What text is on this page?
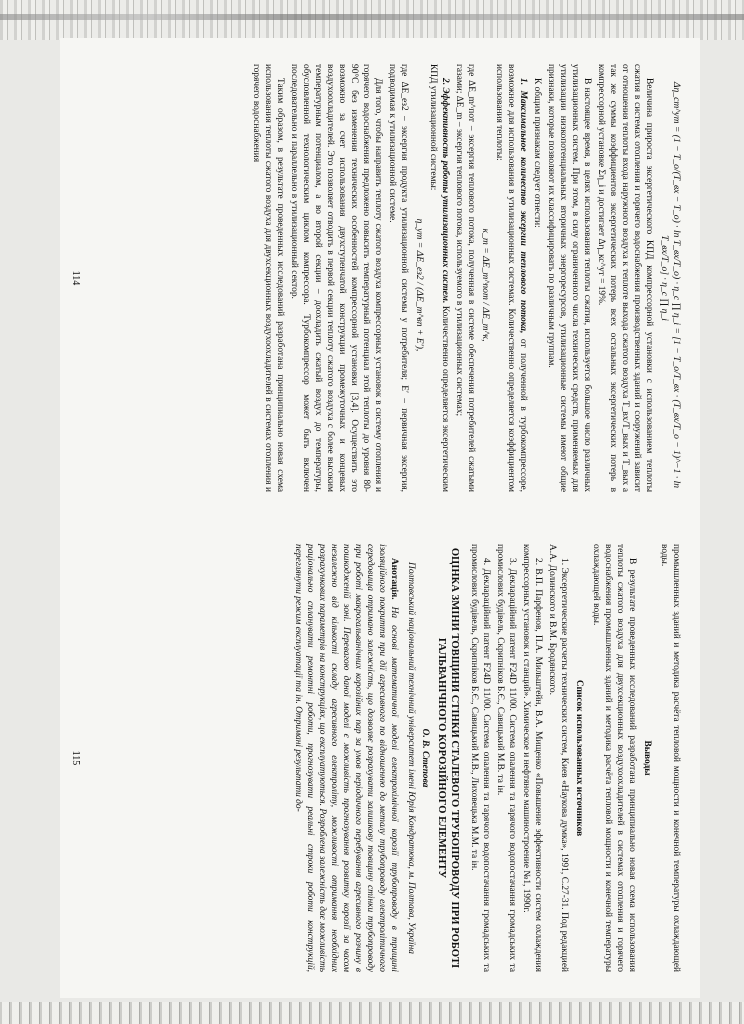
Δη_ст^ут = (1 − T_о/(T_вх − T_о) · ln T_вх/T_о) · η_с ∏ η_i = [1 − T_о/T_вх · (T_вх/T_о − 1)^−1 · ln T_вх/T_о] · η_с ∏ η_i

Величина прироста эксергетического КПД компрессорной установки с использованием теплоты сжатия в системах отопления и горячего водоснабжения производственных зданий и сооружений зависит от отношения теплоты входа наружного воздуха к теплоте выхода сжатого воздуха T_вх/T_вых и T_вых а так же суммы коэффициентов эксергетических потерь всех остальных эксергетических потерь в компрессорной установке Ση_i и достигает Δη_кс^ут = 19%.

В настоящее время, в целях использования теплоты сжатия, используется большое число различных утилизационных систем. При этом, в силу ограниченного числа технических средств, применяемых для утилизации низкопотенциальных вторичных энергоресурсов, утилизационные системы имеют общие признаки, которые позволяют их классифицировать по различным группам.

К общим признакам следует отнести:

1. Максимальное количество эксергии теплового потока, от полученной в турбокомпрессоре, возможное для использования в утилизационных системах. Количественно определяется коэффициентом использования теплоты:

κ_m = ΔE_m^пот / ΔE_m^к,

где ΔE_m^пот – эксергия теплового потока, полученная в системе обеспечения потребителей сжатыми газами; ΔE_m – эксергия теплового потока, используемого в утилизационных системах;

2. Эффективность работы утилизационных систем. Количественно определяется эксергетическим КПД утилизационной системы:

η_ут = ΔE_ез2 / (ΔE_m^вп + E′),

где ΔE_ез2 – эксергия продукта утилизационной системы у потребителя; E′ – первичная эксергия, подводимая к утилизационной системе.

Для того, чтобы направить теплоту сжатого воздуха компрессорных установок в систему отопления и горячего водоснабжения предложено повысить температурный потенциал этой теплоты до уровня 80-90°С без изменения технических особенностей компрессорной установки [3,4]. Осуществить это возможно за счет использования двухступенчатой конструкции промежуточных и концевых воздухоохладителей. Это позволяет отводить в первой секции теплоту сжатого воздуха с более высоким температурным потенциалом, а во второй секции – доохладить сжатый воздух до температуры, обусловленной технологическим циклом компрессора. Турбокомпрессор может быть включен последовательно и параллельно в утилизационный сектор.

Таким образом, в результате проведенных исследований разработана принципиально новая схема использования теплоты сжатого воздуха для двухсекционных воздухоохладителей в системах отопления и горячего водоснабжения

114

промышленных зданий и методика расчёта тепловой мощности и конечной температуры охлаждающей воды.

Выводы

В результате проведенных исследований разработана принципиально новая схема использования теплоты сжатого воздуха для двухсекционных воздухоохладителей в системах отопления и горячего водоснабжения промышленных зданий и методика расчёта тепловой мощности и конечной температуры охлаждающей воды.

Список использованных источников

1. Эксергетические расчеты технических систем, Киев «Наукова думка», 1991, С.27-31. Под редакцией А.А. Долинского и В.М. Бродянского.

2. В.П. Парфенов, П.А. Мильштейн, В.А. Мищенко «Повышение эффективности систем охлаждения компрессорных установок и станций». Химическое и нефтяное машиностроение №1, 1990г.

3. Декларацiйний патент F24D 11/00. Система опалення та гарячого водопостачання громадських та промислових будiвель, Скрипнiков Б.Є., Савицький М.В. та iн.

4. Декларацiйний патент F24D 11/00. Система опалення та гарячого водопостачання громадських та промислових будiвель, Скрипнiков Б.Є., Савицький М.В., Лиховецька М.М. та iн.

ОЦІНКА ЗМІНИ ТОВЩИНИ СТІНКИ СТАЛЕВОГО ТРУБОПРОВОДУ ПРИ РОБОТІ ГАЛЬВАНІЧНОГО КОРОЗІЙНОГО ЕЛЕМЕНТУ

О. В. Степова

Полтавський національний технічний університет імені Юрія Кондратюка, м. Полтава, Україна

Анотація. На основі математичної моделі електрохімічної корозії трубопроводу в трищині ізоляційного покриття при дії агресивного по відношенню до металу трубопроводу електролітичного середовища отримано залежність, що дозволяє розрахувати залишкову товщину стінки трубопроводу при роботі макрогальванічних корозійних пар за умов періодичного перебування агресивного розчину в пошкодженій зоні. Перевагою даної моделі є можливість прогнозування розвитку корозії за часом незалежно від кількості складу агресивного електроліту, можливості отримання необхідних розрахункових параметрів на конструкціях, що експлуатуються. Розроблена залежність дає можливість раціонально спланувати ремонтні роботи, прогнозувати реальні строки роботи конструкцій, переглянути режим експлуатації та ін. Отримані результати до-

115
